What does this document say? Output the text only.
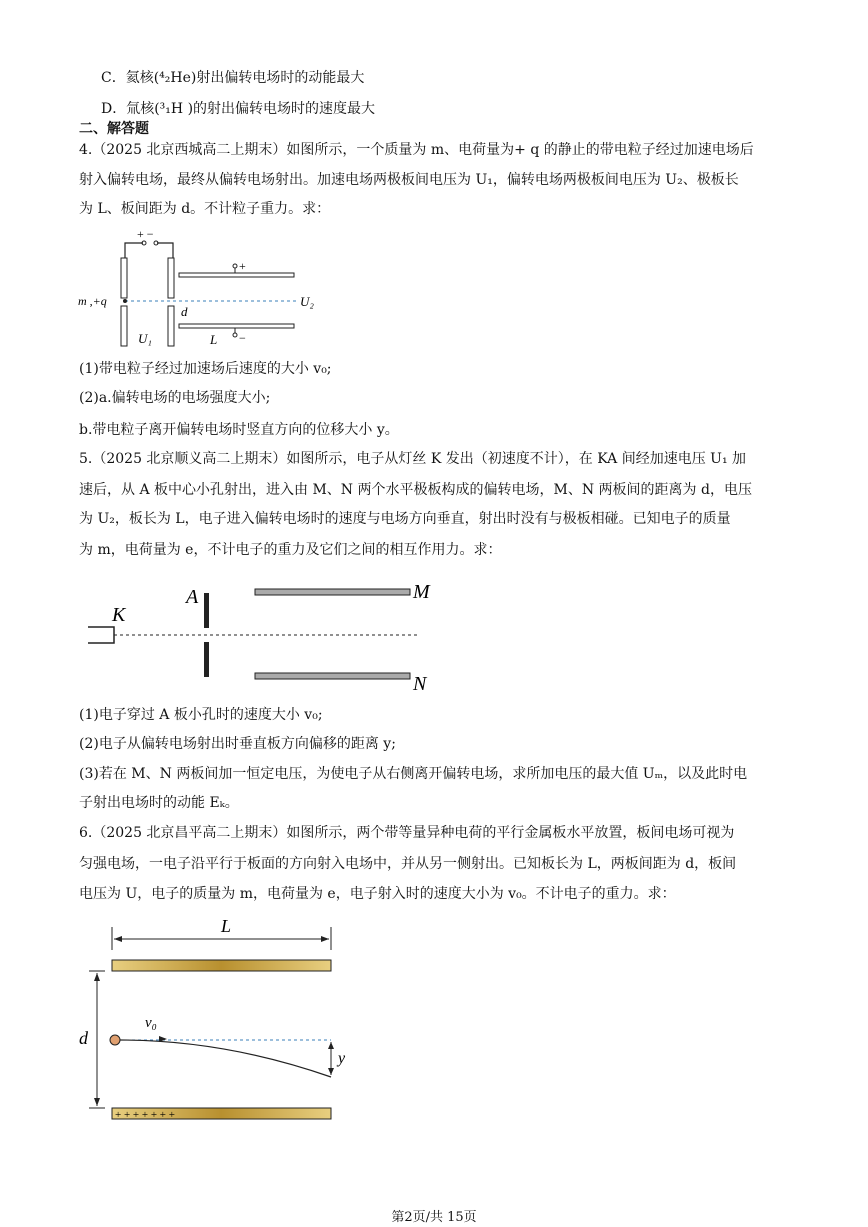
C．氦核(⁴₂He)射出偏转电场时的动能最大
D．氚核(³₁H )的射出偏转电场时的速度最大
二、解答题
4.（2025 北京西城高二上期末）如图所示，一个质量为 m、电荷量为+ q 的静止的带电粒子经过加速电场后
射入偏转电场，最终从偏转电场射出。加速电场两极板间电压为 U₁，偏转电场两极板间电压为 U₂、极板长
为 L、板间距为 d。不计粒子重力。求：
+ −
+
−
m ,+q
d
U₂
U₁	L
(1)带电粒子经过加速场后速度的大小 v₀;
(2)a.偏转电场的电场强度大小;
b.带电粒子离开偏转电场时竖直方向的位移大小 y。
5.（2025 北京顺义高二上期末）如图所示，电子从灯丝 K 发出（初速度不计），在 KA 间经加速电压 U₁ 加
速后，从 A 板中心小孔射出，进入由 M、N 两个水平极板构成的偏转电场，M、N 两板间的距离为 d，电压
为 U₂，板长为 L，电子进入偏转电场时的速度与电场方向垂直，射出时没有与极板相碰。已知电子的质量
为 m，电荷量为 e，不计电子的重力及它们之间的相互作用力。求：
K
A	M
N
(1)电子穿过 A 板小孔时的速度大小 v₀;
(2)电子从偏转电场射出时垂直板方向偏移的距离 y;
(3)若在 M、N 两板间加一恒定电压，为使电子从右侧离开偏转电场，求所加电压的最大值 Uₘ，以及此时电
子射出电场时的动能 Eₖ。
6.（2025 北京昌平高二上期末）如图所示，两个带等量异种电荷的平行金属板水平放置，板间电场可视为
匀强电场，一电子沿平行于板面的方向射入电场中，并从另一侧射出。已知板长为 L，两板间距为 d，板间
电压为 U，电子的质量为 m，电荷量为 e，电子射入时的速度大小为 v₀。不计电子的重力。求：
L
+ + + + + + +
d
v₀
y
第2页/共 15页
